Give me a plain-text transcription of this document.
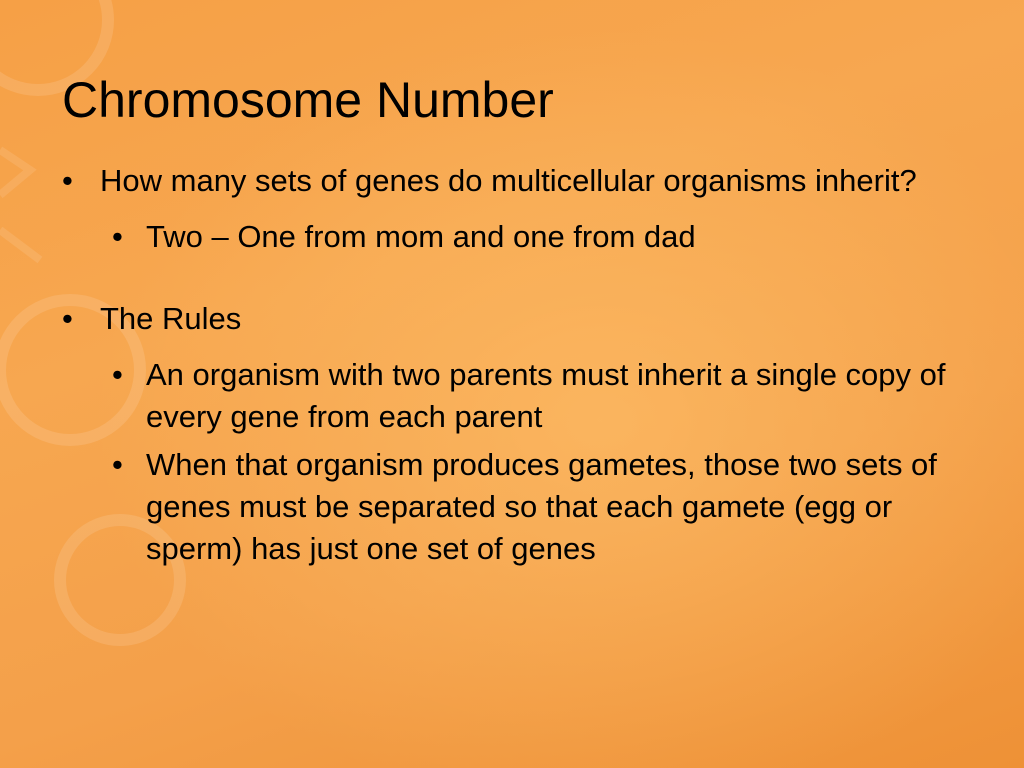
Chromosome Number
• How many sets of genes do multicellular organisms inherit?
• Two – One from mom and one from dad
• The Rules
• An organism with two parents must inherit a single copy of every gene from each parent
• When that organism produces gametes, those two sets of genes must be separated so that each gamete (egg or sperm) has just one set of genes
